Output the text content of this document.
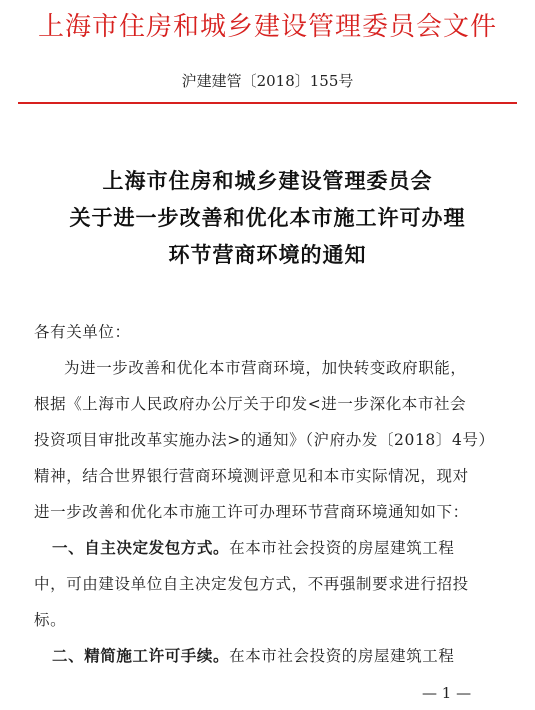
上海市住房和城乡建设管理委员会文件
沪建建管〔2018〕155号
上海市住房和城乡建设管理委员会
关于进一步改善和优化本市施工许可办理
环节营商环境的通知
各有关单位：
为进一步改善和优化本市营商环境，加快转变政府职能，
根据《上海市人民政府办公厅关于印发<进一步深化本市社会
投资项目审批改革实施办法>的通知》（沪府办发〔2018〕4号）
精神，结合世界银行营商环境测评意见和本市实际情况，现对
进一步改善和优化本市施工许可办理环节营商环境通知如下：
一、自主决定发包方式。在本市社会投资的房屋建筑工程
中，可由建设单位自主决定发包方式，不再强制要求进行招投
标。
二、精简施工许可手续。在本市社会投资的房屋建筑工程
— 1 —
